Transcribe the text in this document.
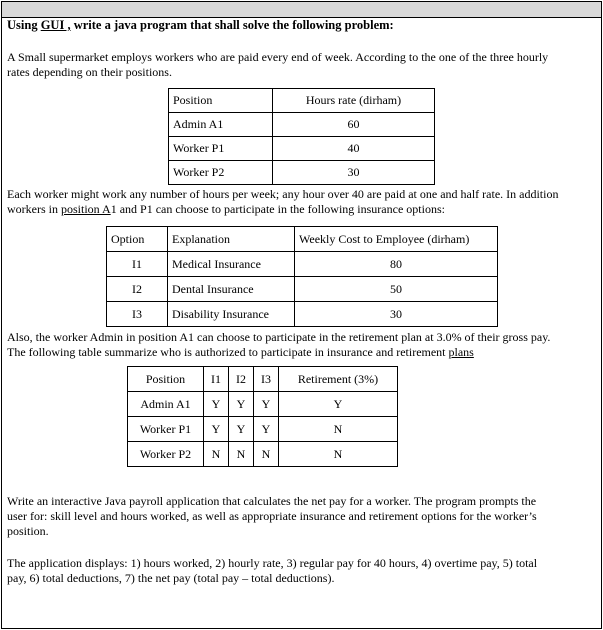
Using GUI , write a java program that shall solve the following problem:
A Small supermarket employs workers who are paid every end of week. According to the one of the three hourly
rates depending on their positions.
Position	Hours rate (dirham)
Admin A1	60
Worker P1	40
Worker P2	30
Each worker might work any number of hours per week; any hour over 40 are paid at one and half rate. In addition
workers in position A1 and P1 can choose to participate in the following insurance options:
Option	Explanation	Weekly Cost to Employee (dirham)
I1	Medical Insurance	80
I2	Dental Insurance	50
I3	Disability Insurance	30
Also, the worker Admin in position A1 can choose to participate in the retirement plan at 3.0% of their gross pay.
The following table summarize who is authorized to participate in insurance and retirement plans
Position	I1	I2	I3	Retirement (3%)
Admin A1	Y	Y	Y	Y
Worker P1	Y	Y	Y	N
Worker P2	N	N	N	N
Write an interactive Java payroll application that calculates the net pay for a worker. The program prompts the
user for: skill level and hours worked, as well as appropriate insurance and retirement options for the worker’s
position.
The application displays: 1) hours worked, 2) hourly rate, 3) regular pay for 40 hours, 4) overtime pay, 5) total
pay, 6) total deductions, 7) the net pay (total pay – total deductions).
